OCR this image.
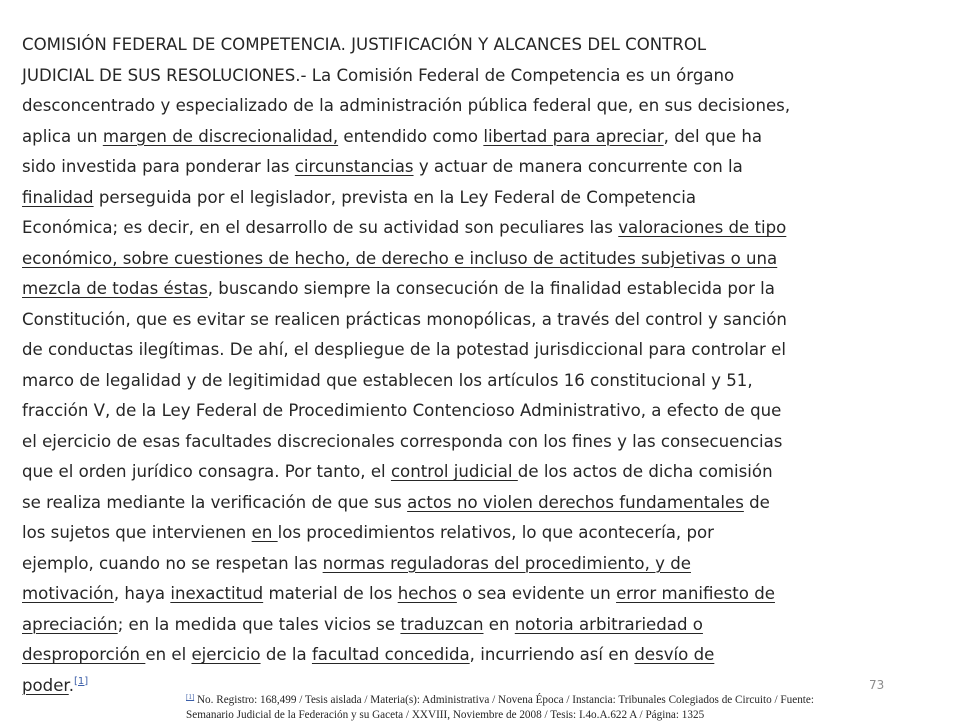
COMISIÓN FEDERAL DE COMPETENCIA. JUSTIFICACIÓN Y ALCANCES DEL CONTROL
JUDICIAL DE SUS RESOLUCIONES.- La Comisión Federal de Competencia es un órgano
desconcentrado y especializado de la administración pública federal que, en sus decisiones,
aplica un margen de discrecionalidad, entendido como libertad para apreciar, del que ha
sido investida para ponderar las circunstancias y actuar de manera concurrente con la
finalidad perseguida por el legislador, prevista en la Ley Federal de Competencia
Económica; es decir, en el desarrollo de su actividad son peculiares las valoraciones de tipo
económico, sobre cuestiones de hecho, de derecho e incluso de actitudes subjetivas o una
mezcla de todas éstas, buscando siempre la consecución de la finalidad establecida por la
Constitución, que es evitar se realicen prácticas monopólicas, a través del control y sanción
de conductas ilegítimas. De ahí, el despliegue de la potestad jurisdiccional para controlar el
marco de legalidad y de legitimidad que establecen los artículos 16 constitucional y 51,
fracción V, de la Ley Federal de Procedimiento Contencioso Administrativo, a efecto de que
el ejercicio de esas facultades discrecionales corresponda con los fines y las consecuencias
que el orden jurídico consagra. Por tanto, el control judicial de los actos de dicha comisión
se realiza mediante la verificación de que sus actos no violen derechos fundamentales de
los sujetos que intervienen en los procedimientos relativos, lo que acontecería, por
ejemplo, cuando no se respetan las normas reguladoras del procedimiento, y de
motivación, haya inexactitud material de los hechos o sea evidente un error manifiesto de
apreciación; en la medida que tales vicios se traduzcan en notoria arbitrariedad o
desproporción en el ejercicio de la facultad concedida, incurriendo así en desvío de
poder.[1]	73
[1] No. Registro: 168,499 / Tesis aislada / Materia(s): Administrativa / Novena Época / Instancia: Tribunales Colegiados de Circuito / Fuente:
Semanario Judicial de la Federación y su Gaceta / XXVIII, Noviembre de 2008 / Tesis: I.4o.A.622 A / Página: 1325
